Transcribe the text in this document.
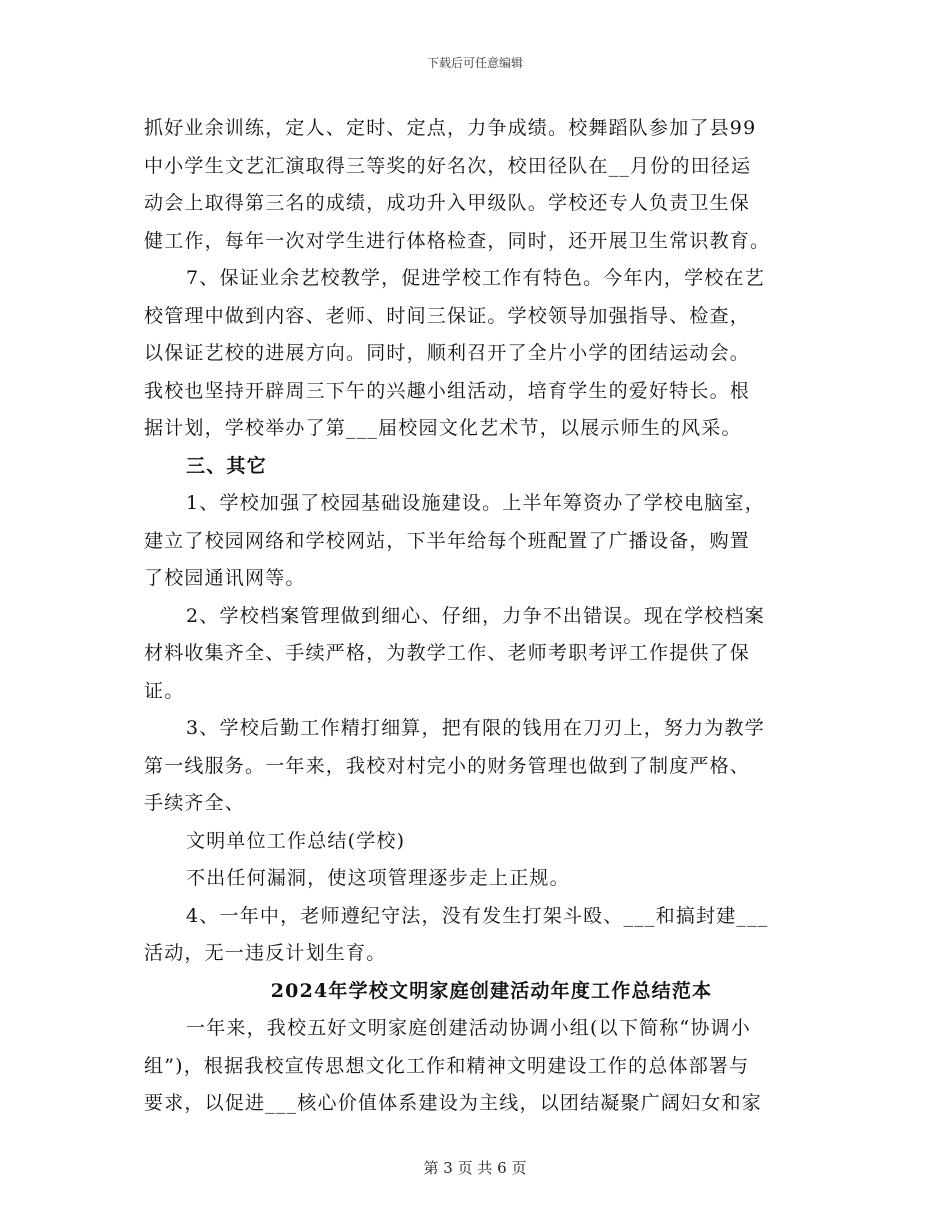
下载后可任意编辑
抓好业余训练，定人、定时、定点，力争成绩。校舞蹈队参加了县99
中小学生文艺汇演取得三等奖的好名次，校田径队在__月份的田径运
动会上取得第三名的成绩，成功升入甲级队。学校还专人负责卫生保
健工作，每年一次对学生进行体格检查，同时，还开展卫生常识教育。
7、保证业余艺校教学，促进学校工作有特色。今年内，学校在艺
校管理中做到内容、老师、时间三保证。学校领导加强指导、检查，
以保证艺校的进展方向。同时，顺利召开了全片小学的团结运动会。
我校也坚持开辟周三下午的兴趣小组活动，培育学生的爱好特长。根
据计划，学校举办了第___届校园文化艺术节，以展示师生的风采。
三、其它
1、学校加强了校园基础设施建设。上半年筹资办了学校电脑室，
建立了校园网络和学校网站，下半年给每个班配置了广播设备，购置
了校园通讯网等。
2、学校档案管理做到细心、仔细，力争不出错误。现在学校档案
材料收集齐全、手续严格，为教学工作、老师考职考评工作提供了保
证。
3、学校后勤工作精打细算，把有限的钱用在刀刃上，努力为教学
第一线服务。一年来，我校对村完小的财务管理也做到了制度严格、
手续齐全、
文明单位工作总结(学校)
不出任何漏洞，使这项管理逐步走上正规。
4、一年中，老师遵纪守法，没有发生打架斗殴、___和搞封建___
活动，无一违反计划生育。
2024年学校文明家庭创建活动年度工作总结范本
一年来，我校五好文明家庭创建活动协调小组(以下简称“协调小
组”)，根据我校宣传思想文化工作和精神文明建设工作的总体部署与
要求，以促进___核心价值体系建设为主线，以团结凝聚广阔妇女和家
第 3 页 共 6 页
